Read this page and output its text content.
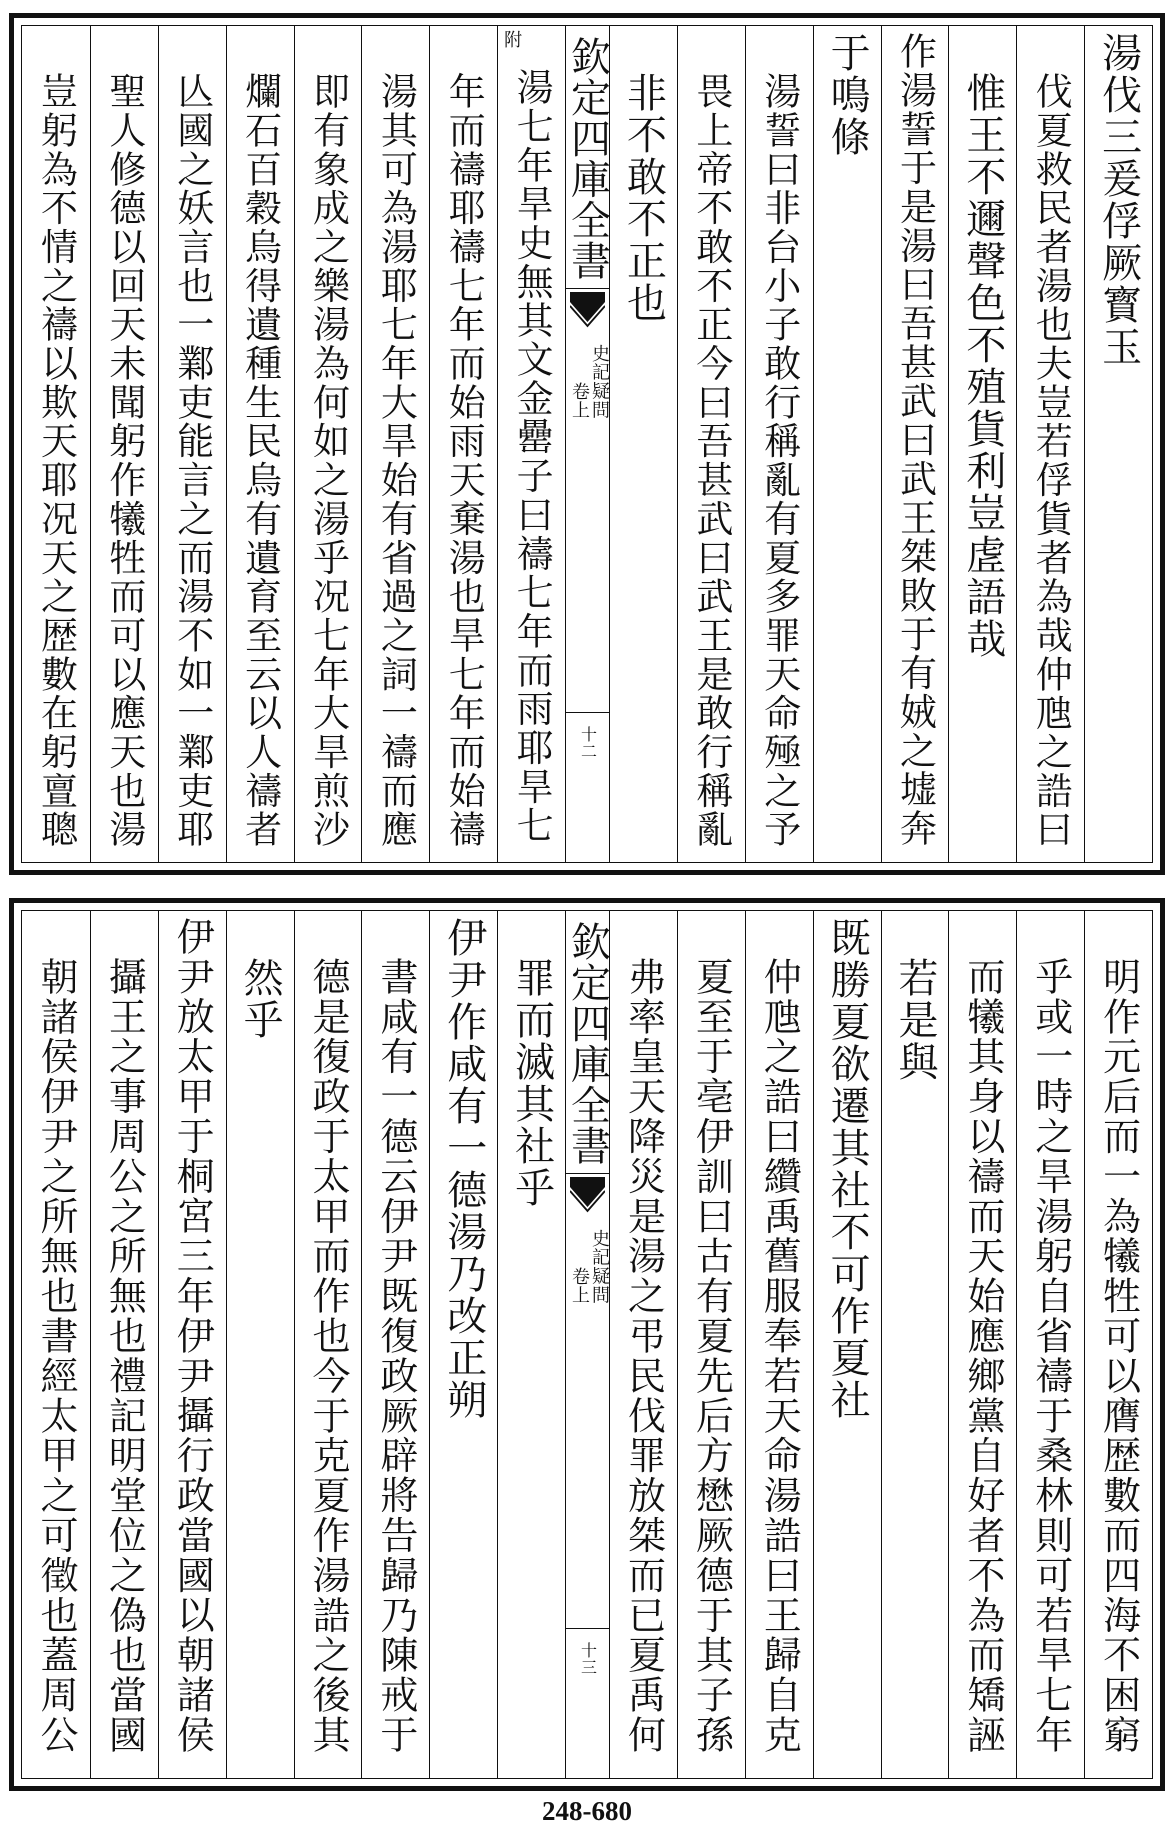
豈躬為不情之禱以欺天耶况天之歴數在躬亶聰 聖人修德以回天未聞躬作犧牲而可以應天也湯 亾國之妖言也一鄴吏能言之而湯不如一鄴吏耶 爛石百穀烏得遺種生民烏有遺育至云以人禱者 即有象成之樂湯為何如之湯乎况七年大旱煎沙 湯其可為湯耶七年大旱始有省過之詞一禱而應 年而禱耶禱七年而始雨天棄湯也旱七年而始禱
附
湯七年旱史無其文金罍子曰禱七年而雨耶旱七 欽定四庫全書
史記疑問
卷上
十二
非不敢不正也 畏上帝不敢不正今曰吾甚武曰武王是敢行稱亂 湯誓曰非台小子敢行稱亂有夏多罪天命殛之予 于鳴條 作湯誓于是湯曰吾甚武曰武王桀敗于有娀之墟奔 惟王不邇聲色不殖貨利豈虗語哉 伐夏救民者湯也夫豈若俘貨者為哉仲虺之誥曰 湯伐三爰俘厥寳玉
朝諸侯伊尹之所無也書經太甲之可徵也蓋周公 攝王之事周公之所無也禮記明堂位之偽也當國 伊尹放太甲于桐宮三年伊尹攝行政當國以朝諸侯 然乎 德是復政于太甲而作也今于克夏作湯誥之後其 書咸有一德云伊尹既復政厥辟將告歸乃陳戒于 伊尹作咸有一德湯乃改正朔 罪而滅其社乎 欽定四庫全書
史記疑問
卷上
十三 弗率皇天降災是湯之弔民伐罪放桀而已夏禹何 夏至于亳伊訓曰古有夏先后方懋厥德于其子孫 仲虺之誥曰纘禹舊服奉若天命湯誥曰王歸自克 既勝夏欲遷其社不可作夏社 若是與 而犧其身以禱而天始應鄉黨自好者不為而矯誣 乎或一時之旱湯躬自省禱于桑林則可若旱七年 明作元后而一為犧牲可以膺歴數而四海不困窮
248-680
